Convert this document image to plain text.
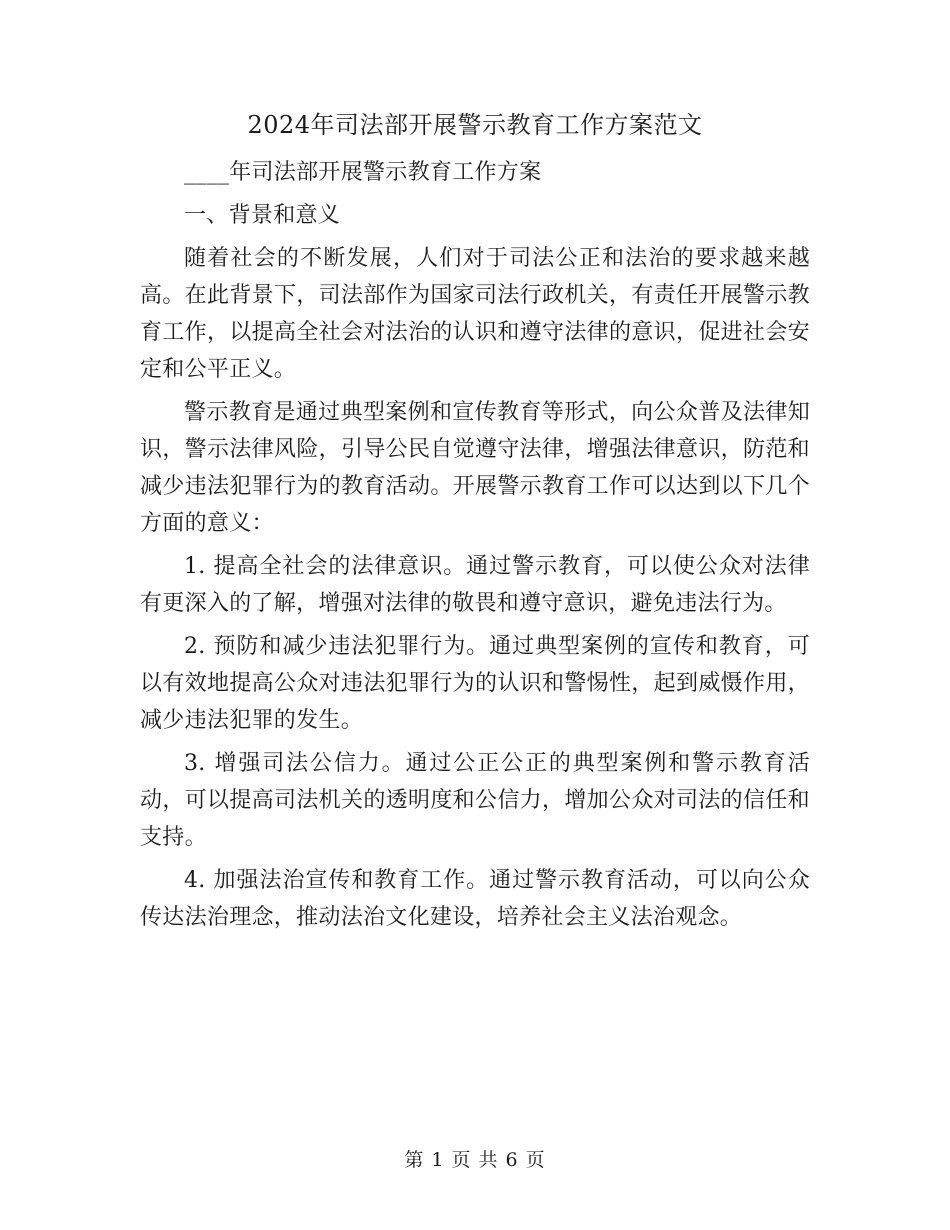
2024年司法部开展警示教育工作方案范文

____年司法部开展警示教育工作方案

一、背景和意义

随着社会的不断发展，人们对于司法公正和法治的要求越来越高。在此背景下，司法部作为国家司法行政机关，有责任开展警示教育工作，以提高全社会对法治的认识和遵守法律的意识，促进社会安定和公平正义。

警示教育是通过典型案例和宣传教育等形式，向公众普及法律知识，警示法律风险，引导公民自觉遵守法律，增强法律意识，防范和减少违法犯罪行为的教育活动。开展警示教育工作可以达到以下几个方面的意义：

1. 提高全社会的法律意识。通过警示教育，可以使公众对法律有更深入的了解，增强对法律的敬畏和遵守意识，避免违法行为。

2. 预防和减少违法犯罪行为。通过典型案例的宣传和教育，可以有效地提高公众对违法犯罪行为的认识和警惕性，起到威慑作用，减少违法犯罪的发生。

3. 增强司法公信力。通过公正公正的典型案例和警示教育活动，可以提高司法机关的透明度和公信力，增加公众对司法的信任和支持。

4. 加强法治宣传和教育工作。通过警示教育活动，可以向公众传达法治理念，推动法治文化建设，培养社会主义法治观念。

第 1 页 共 6 页
